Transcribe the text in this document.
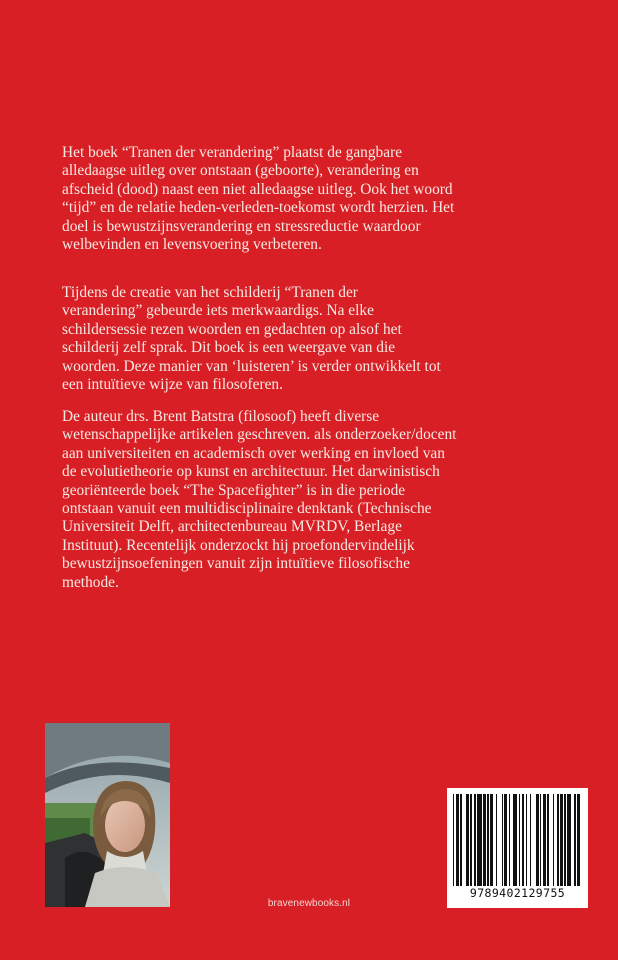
Het boek “Tranen der verandering” plaatst de gangbare
alledaagse uitleg over ontstaan (geboorte), verandering en
afscheid (dood) naast een niet alledaagse uitleg. Ook het woord
“tijd” en de relatie heden-verleden-toekomst wordt herzien. Het
doel is bewustzijnsverandering en stressreductie waardoor
welbevinden en levensvoering verbeteren.

Tijdens de creatie van het schilderij “Tranen der
verandering” gebeurde iets merkwaardigs. Na elke
schildersessie rezen woorden en gedachten op alsof het
schilderij zelf sprak. Dit boek is een weergave van die
woorden. Deze manier van ‘luisteren’ is verder ontwikkelt tot
een intuïtieve wijze van filosoferen.

De auteur drs. Brent Batstra (filosoof) heeft diverse
wetenschappelijke artikelen geschreven. als onderzoeker/docent
aan universiteiten en academisch over werking en invloed van
de evolutietheorie op kunst en architectuur. Het darwinistisch
georiënteerde boek “The Spacefighter” is in die periode
ontstaan vanuit een multidisciplinaire denktank (Technische
Universiteit Delft, architectenbureau MVRDV, Berlage
Instituut). Recentelijk onderzockt hij proefondervindelijk
bewustzijnsoefeningen vanuit zijn intuïtieve filosofische
methode.

bravenewbooks.nl
9789402129755
